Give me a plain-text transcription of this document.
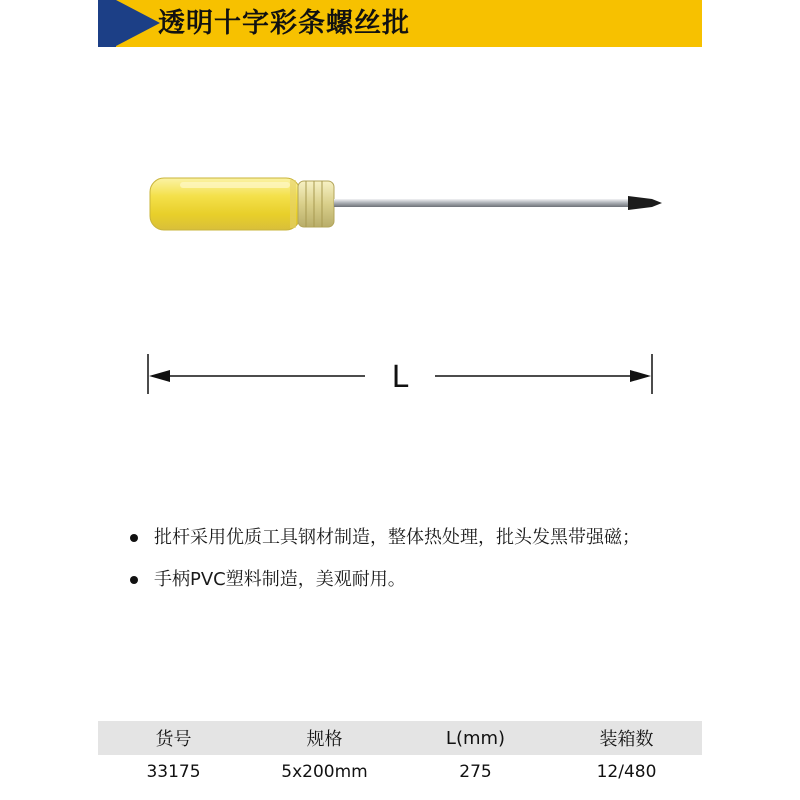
透明十字彩条螺丝批
L
批杆采用优质工具钢材制造，整体热处理，批头发黑带强磁；
手柄PVC塑料制造，美观耐用。
货号	规格	L(mm)	装箱数
33175	5x200mm	275	12/480
